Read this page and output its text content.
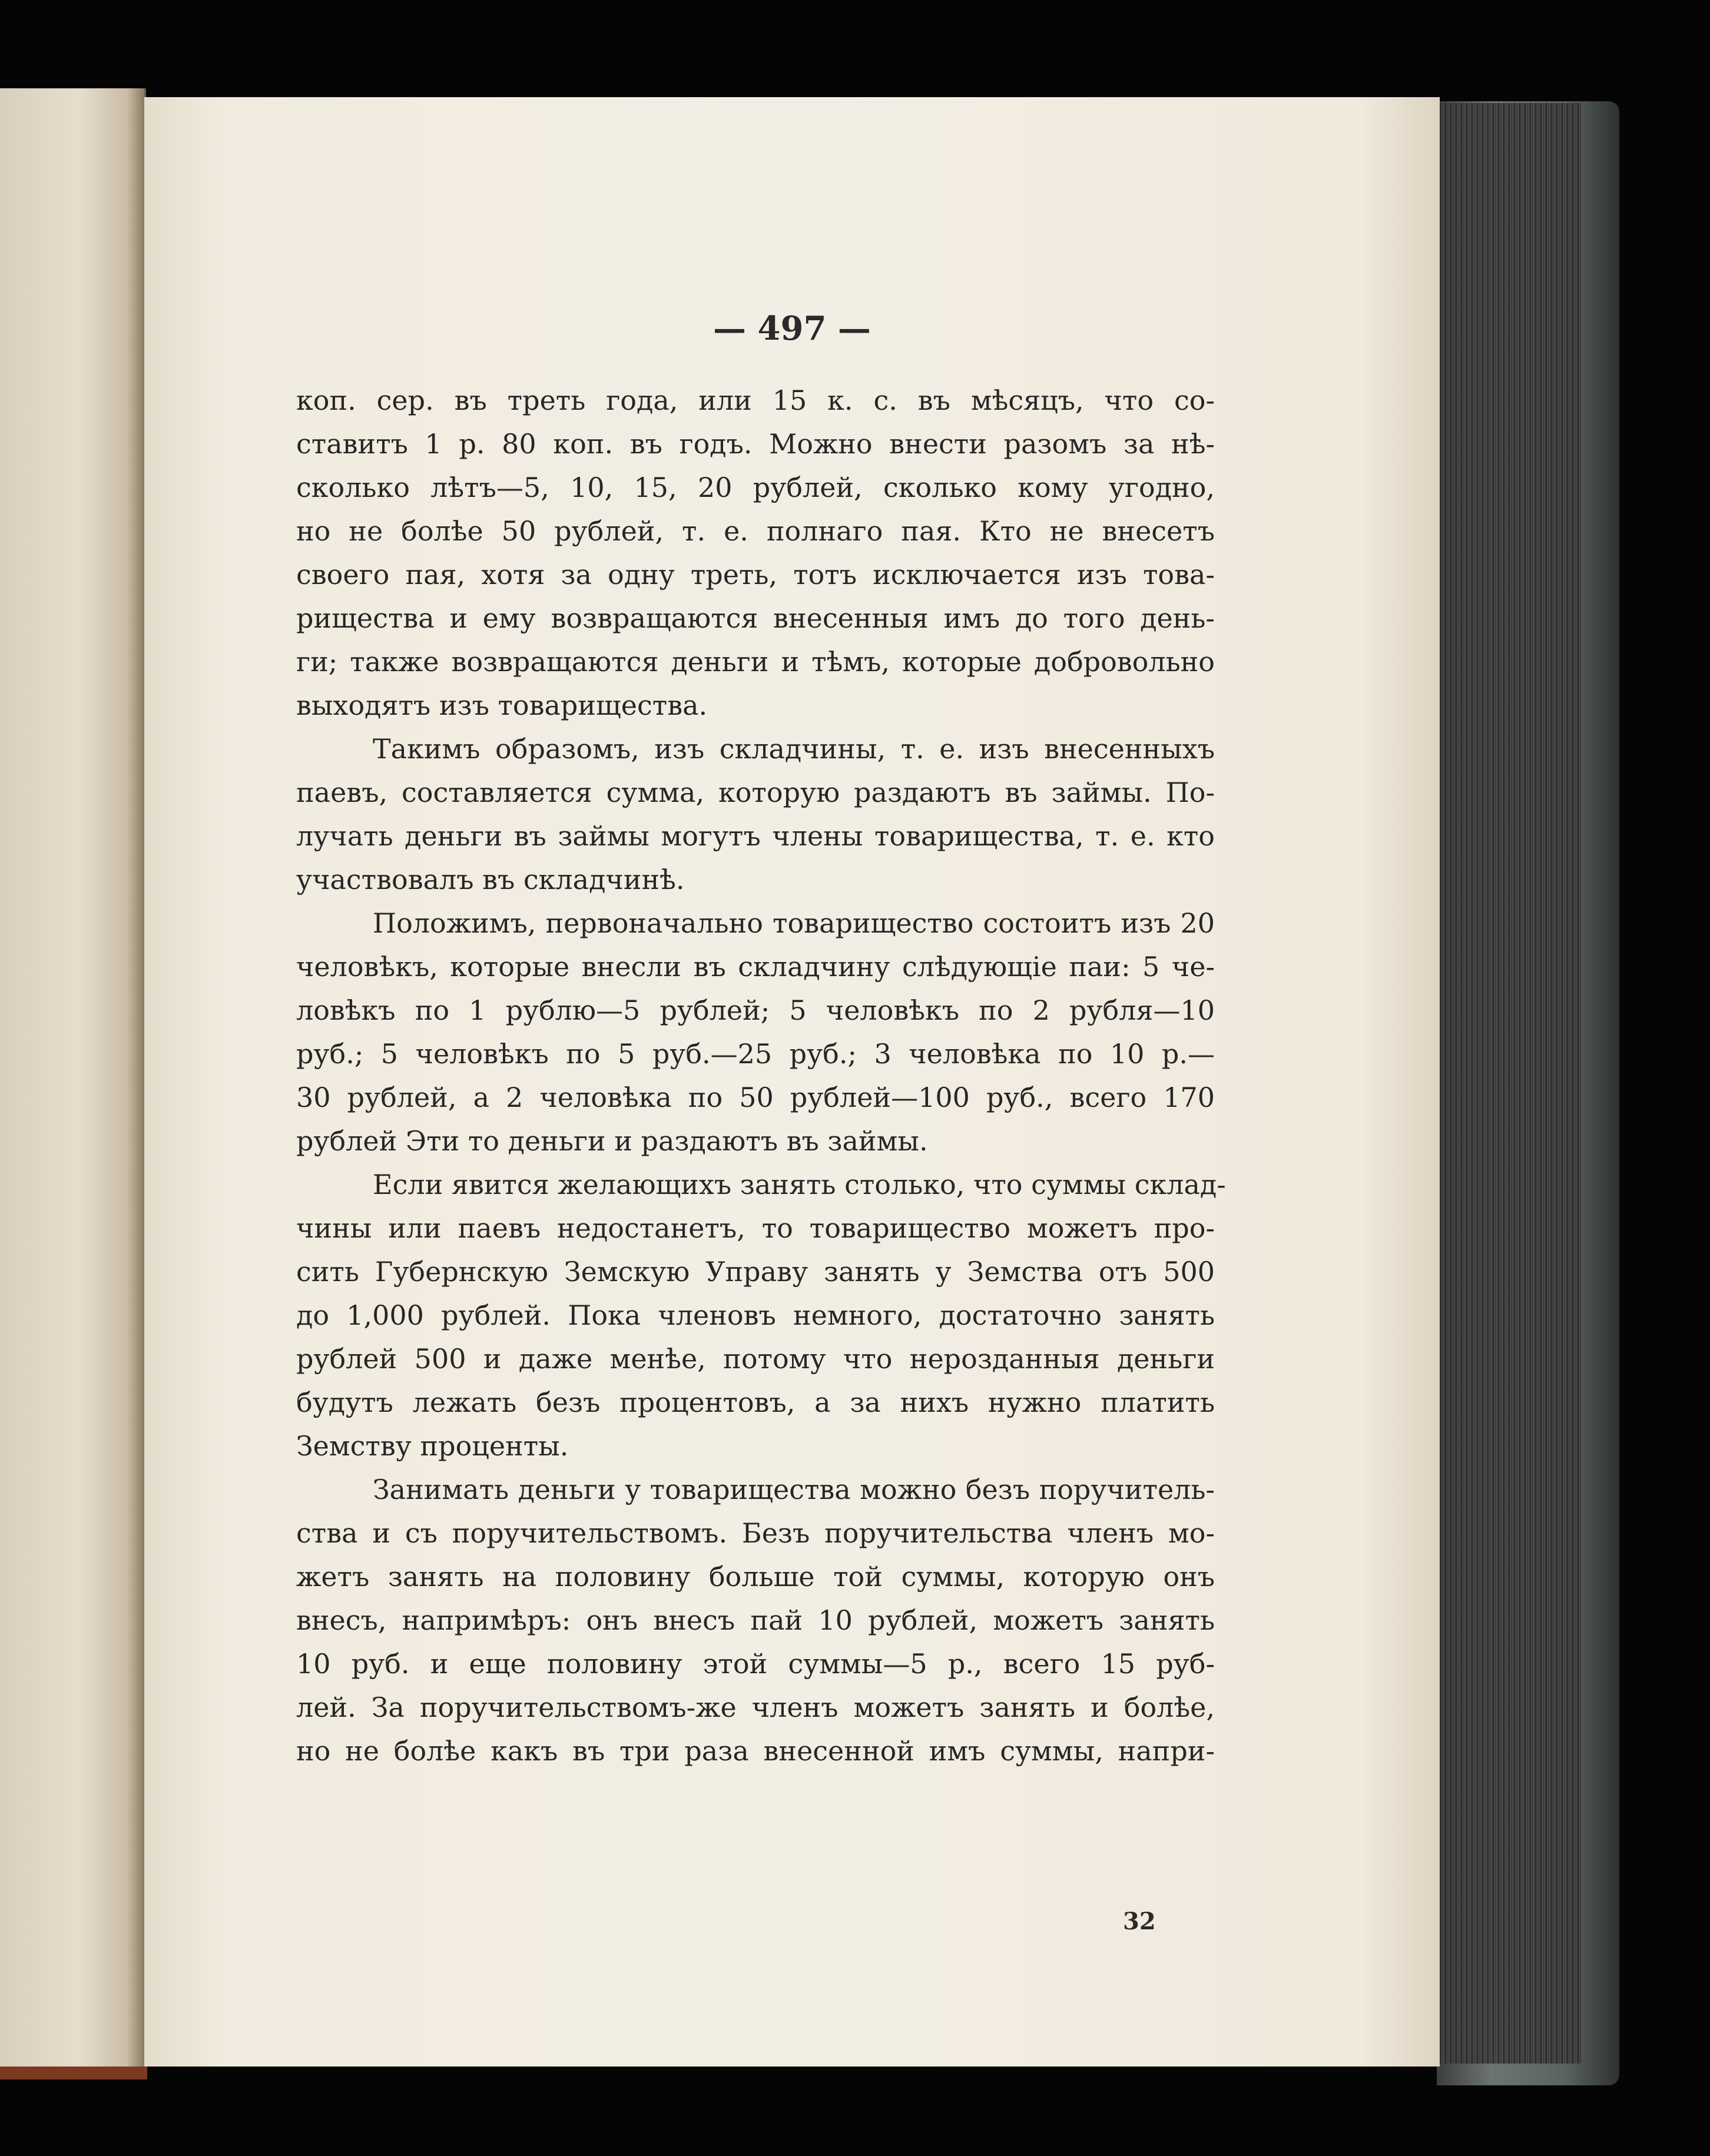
— 497 —
коп. сер. въ треть года, или 15 к. с. въ мѣсяцъ, что со-
ставитъ 1 р. 80 коп. въ годъ. Можно внести разомъ за нѣ-
сколько лѣтъ—5, 10, 15, 20 рублей, сколько кому угодно,
но не болѣе 50 рублей, т. е. полнаго пая. Кто не внесетъ
своего пая, хотя за одну треть, тотъ исключается изъ това-
рищества и ему возвращаются внесенныя имъ до того день-
ги; также возвращаются деньги и тѣмъ, которые добровольно
выходятъ изъ товарищества.
Такимъ образомъ, изъ складчины, т. е. изъ внесенныхъ
паевъ, составляется сумма, которую раздаютъ въ займы. По-
лучать деньги въ займы могутъ члены товарищества, т. е. кто
участвовалъ въ складчинѣ.
Положимъ, первоначально товарищество состоитъ изъ 20
человѣкъ, которые внесли въ складчину слѣдующіе паи: 5 че-
ловѣкъ по 1 рублю—5 рублей; 5 человѣкъ по 2 рубля—10
руб.; 5 человѣкъ по 5 руб.—25 руб.; 3 человѣка по 10 р.—
30 рублей, а 2 человѣка по 50 рублей—100 руб., всего 170
рублей Эти то деньги и раздаютъ въ займы.
Если явится желающихъ занять столько, что суммы склад-
чины или паевъ недостанетъ, то товарищество можетъ про-
сить Губернскую Земскую Управу занять у Земства отъ 500
до 1,000 рублей. Пока членовъ немного, достаточно занять
рублей 500 и даже менѣе, потому что нерозданныя деньги
будутъ лежать безъ процентовъ, а за нихъ нужно платить
Земству проценты.
Занимать деньги у товарищества можно безъ поручитель-
ства и съ поручительствомъ. Безъ поручительства членъ мо-
жетъ занять на половину больше той суммы, которую онъ
внесъ, напримѣръ: онъ внесъ пай 10 рублей, можетъ занять
10 руб. и еще половину этой суммы—5 р., всего 15 руб-
лей. За поручительствомъ-же членъ можетъ занять и болѣе,
но не болѣе какъ въ три раза внесенной имъ суммы, напри-
32
